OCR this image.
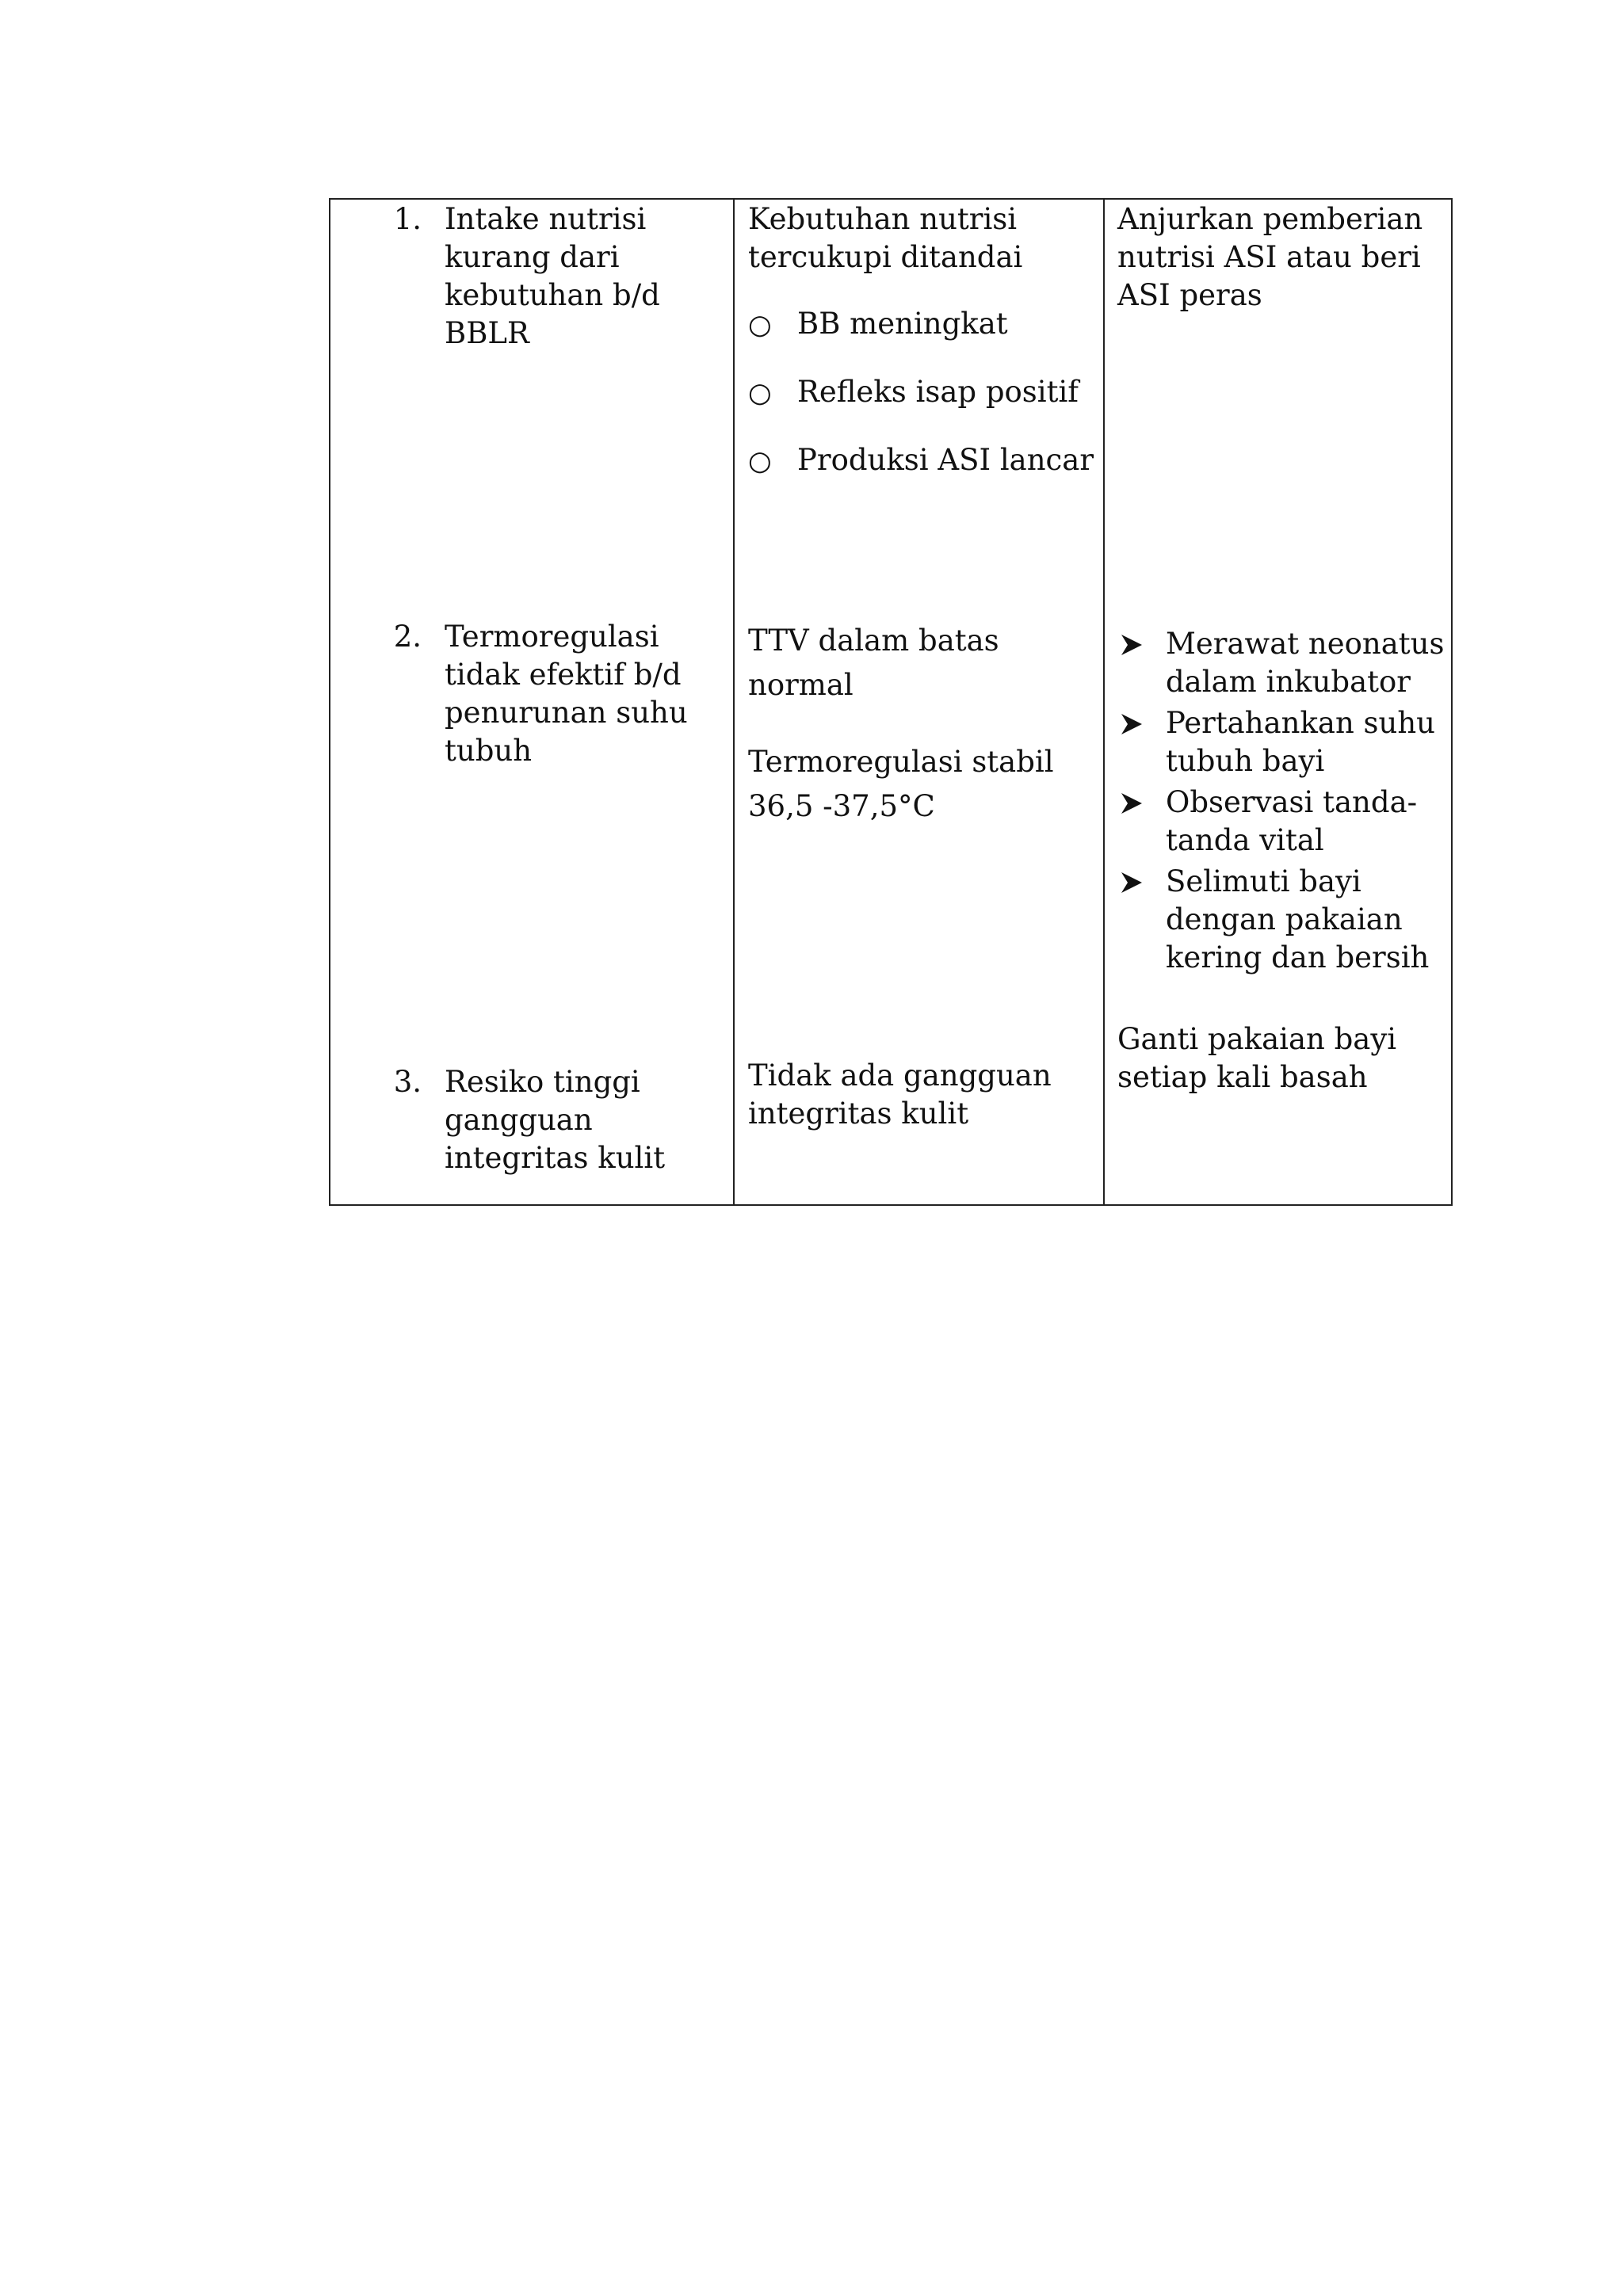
1. Intake nutrisi
kurang dari
kebutuhan b/d
BBLR
Kebutuhan nutrisi
tercukupi ditandai
○ BB meningkat
○ Refleks isap positif
○ Produksi ASI lancar
Anjurkan pemberian
nutrisi ASI atau beri
ASI peras
2. Termoregulasi
tidak efektif b/d
penurunan suhu
tubuh
TTV dalam batas
normal
Termoregulasi stabil
36,5 -37,5°C
Merawat neonatus
dalam inkubator
Pertahankan suhu
tubuh bayi
Observasi tanda-
tanda vital
Selimuti bayi
dengan pakaian
kering dan bersih
3. Resiko tinggi
gangguan
integritas kulit
Tidak ada gangguan
integritas kulit
Ganti pakaian bayi
setiap kali basah
